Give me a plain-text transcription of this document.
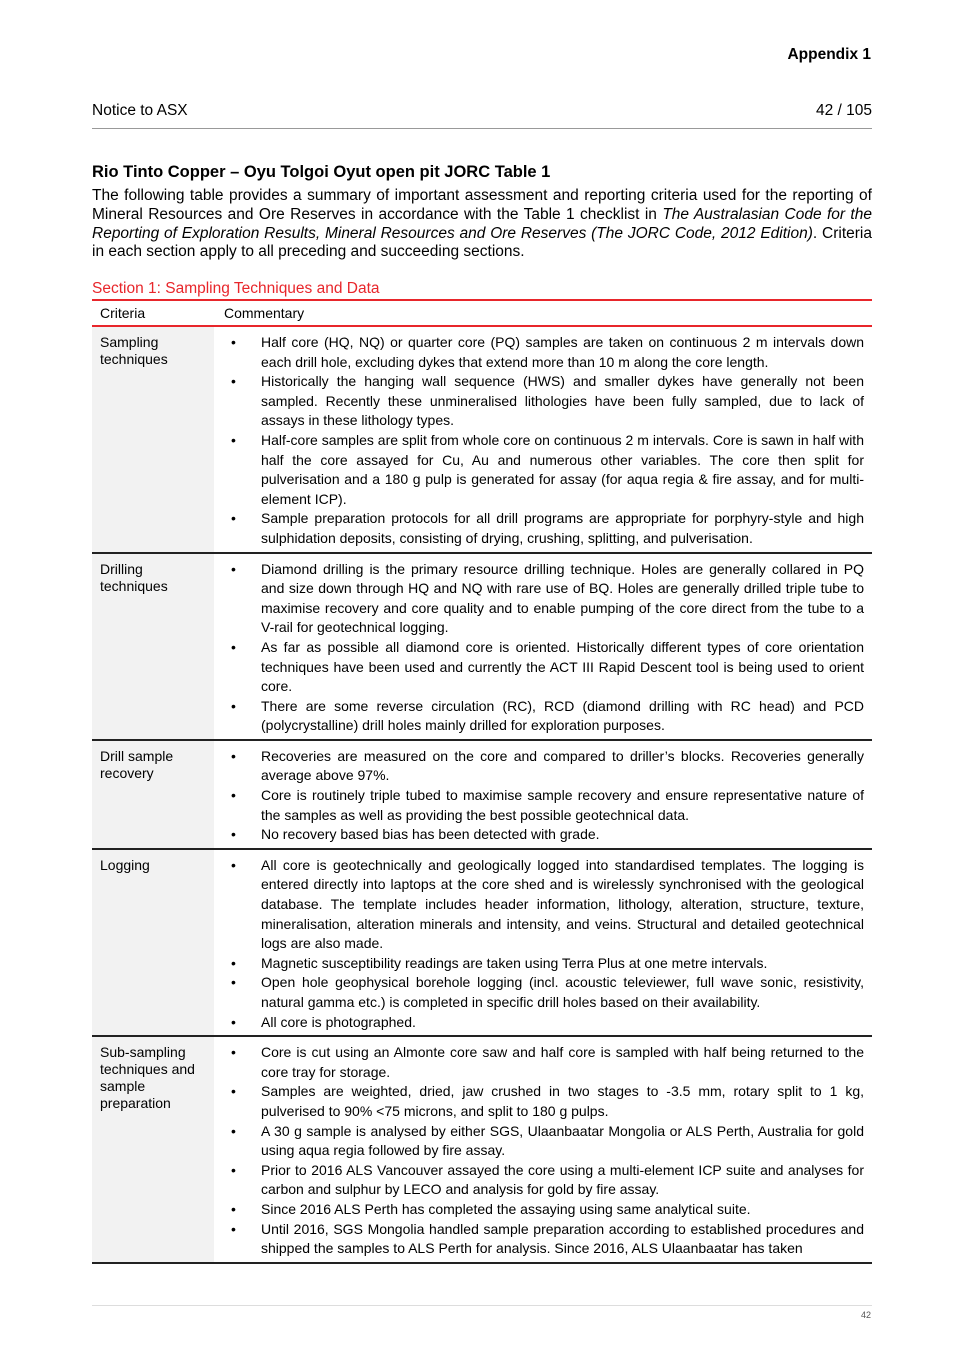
Appendix 1
Notice to ASX	42 / 105
Rio Tinto Copper – Oyu Tolgoi Oyut open pit JORC Table 1

The following table provides a summary of important assessment and reporting criteria used for the reporting of Mineral Resources and Ore Reserves in accordance with the Table 1 checklist in The Australasian Code for the Reporting of Exploration Results, Mineral Resources and Ore Reserves (The JORC Code, 2012 Edition). Criteria in each section apply to all preceding and succeeding sections.

Section 1: Sampling Techniques and Data
Criteria	Commentary
Sampling techniques
• Half core (HQ, NQ) or quarter core (PQ) samples are taken on continuous 2 m intervals down each drill hole, excluding dykes that extend more than 10 m along the core length.
• Historically the hanging wall sequence (HWS) and smaller dykes have generally not been sampled. Recently these unmineralised lithologies have been fully sampled, due to lack of assays in these lithology types.
• Half-core samples are split from whole core on continuous 2 m intervals. Core is sawn in half with half the core assayed for Cu, Au and numerous other variables. The core then split for pulverisation and a 180 g pulp is generated for assay (for aqua regia & fire assay, and for multi-element ICP).
• Sample preparation protocols for all drill programs are appropriate for porphyry-style and high sulphidation deposits, consisting of drying, crushing, splitting, and pulverisation.
Drilling techniques
• Diamond drilling is the primary resource drilling technique. Holes are generally collared in PQ and size down through HQ and NQ with rare use of BQ. Holes are generally drilled triple tube to maximise recovery and core quality and to enable pumping of the core direct from the tube to a V-rail for geotechnical logging.
• As far as possible all diamond core is oriented. Historically different types of core orientation techniques have been used and currently the ACT III Rapid Descent tool is being used to orient core.
• There are some reverse circulation (RC), RCD (diamond drilling with RC head) and PCD (polycrystalline) drill holes mainly drilled for exploration purposes.
Drill sample recovery
• Recoveries are measured on the core and compared to driller’s blocks. Recoveries generally average above 97%.
• Core is routinely triple tubed to maximise sample recovery and ensure representative nature of the samples as well as providing the best possible geotechnical data.
• No recovery based bias has been detected with grade.
Logging
•	All core is geotechnically and geologically logged into standardised templates. The logging is entered directly into laptops at the core shed and is wirelessly synchronised with the geological database. The template includes header information, lithology, alteration, structure, texture, mineralisation, alteration minerals and intensity, and veins. Structural and detailed geotechnical logs are also made.
• Magnetic susceptibility readings are taken using Terra Plus at one metre intervals.
• Open hole geophysical borehole logging (incl. acoustic televiewer, full wave sonic, resistivity, natural gamma etc.) is completed in specific drill holes based on their availability.
• All core is photographed.
Sub-sampling techniques and sample preparation
• Core is cut using an Almonte core saw and half core is sampled with half being returned to the core tray for storage.
• Samples are weighted, dried, jaw crushed in two stages to -3.5 mm, rotary split to 1 kg, pulverised to 90% <75 microns, and split to 180 g pulps.
• A 30 g sample is analysed by either SGS, Ulaanbaatar Mongolia or ALS Perth, Australia for gold using aqua regia followed by fire assay.
• Prior to 2016 ALS Vancouver assayed the core using a multi-element ICP suite and analyses for carbon and sulphur by LECO and analysis for gold by fire assay.
• Since 2016 ALS Perth has completed the assaying using same analytical suite.
• Until 2016, SGS Mongolia handled sample preparation according to established procedures and shipped the samples to ALS Perth for analysis. Since 2016, ALS Ulaanbaatar has taken
42
